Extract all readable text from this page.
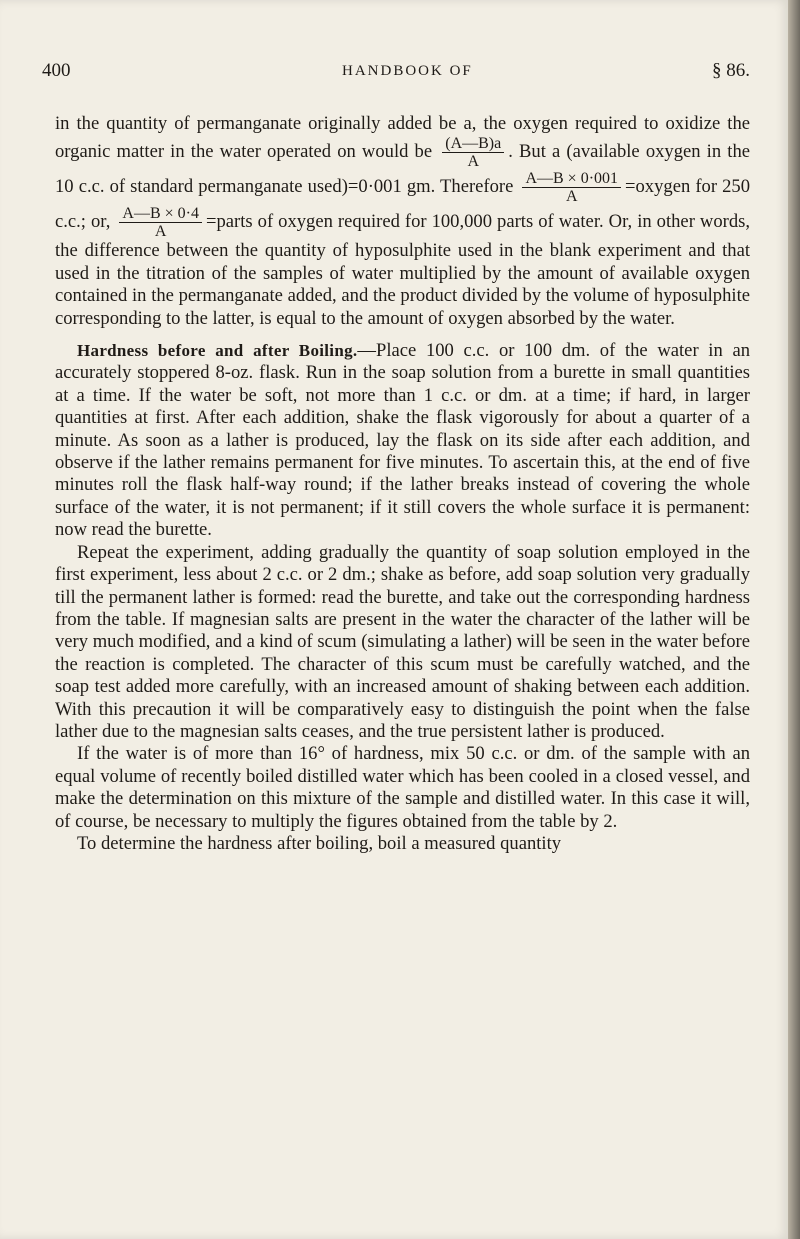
400	HANDBOOK OF	§ 86.

in the quantity of permanganate originally added be a, the oxygen required to oxidize the organic matter in the water operated on would be $\frac{(A—B)a}{A}$ . But a (available oxygen in the 10 c.c. of standard permanganate used)=0·001 gm. Therefore $\frac{A—B \times 0\cdot 001}{A}$ =oxygen for 250 c.c.; or, $\frac{A—B \times 0\cdot 4}{A}$ =parts of oxygen required for 100,000 parts of water. Or, in other words, the difference between the quantity of hyposulphite used in the blank experiment and that used in the titration of the samples of water multiplied by the amount of available oxygen contained in the permanganate added, and the product divided by the volume of hyposulphite corresponding to the latter, is equal to the amount of oxygen absorbed by the water.

Hardness before and after Boiling.—Place 100 c.c. or 100 dm. of the water in an accurately stoppered 8-oz. flask. Run in the soap solution from a burette in small quantities at a time. If the water be soft, not more than 1 c.c. or dm. at a time; if hard, in larger quantities at first. After each addition, shake the flask vigorously for about a quarter of a minute. As soon as a lather is produced, lay the flask on its side after each addition, and observe if the lather remains permanent for five minutes. To ascertain this, at the end of five minutes roll the flask half-way round; if the lather breaks instead of covering the whole surface of the water, it is not permanent; if it still covers the whole surface it is permanent: now read the burette.

Repeat the experiment, adding gradually the quantity of soap solution employed in the first experiment, less about 2 c.c. or 2 dm.; shake as before, add soap solution very gradually till the permanent lather is formed: read the burette, and take out the corresponding hardness from the table. If magnesian salts are present in the water the character of the lather will be very much modified, and a kind of scum (simulating a lather) will be seen in the water before the reaction is completed. The character of this scum must be carefully watched, and the soap test added more carefully, with an increased amount of shaking between each addition. With this precaution it will be comparatively easy to distinguish the point when the false lather due to the magnesian salts ceases, and the true persistent lather is produced.

If the water is of more than 16° of hardness, mix 50 c.c. or dm. of the sample with an equal volume of recently boiled distilled water which has been cooled in a closed vessel, and make the determination on this mixture of the sample and distilled water. In this case it will, of course, be necessary to multiply the figures obtained from the table by 2.

To determine the hardness after boiling, boil a measured quantity
